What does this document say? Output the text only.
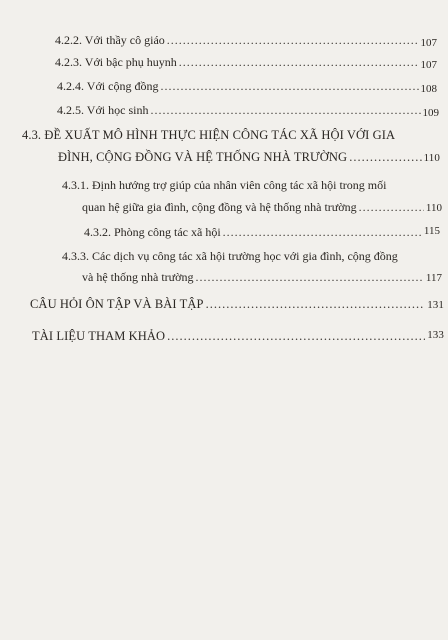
4.2.2. Với thầy cô giáo .....	107
4.2.3. Với bậc phụ huynh .....	107
4.2.4. Với cộng đồng .....	108
4.2.5. Với học sinh .....	109
4.3. ĐỀ XUẤT MÔ HÌNH THỰC HIỆN CÔNG TÁC XÃ HỘI VỚI GIA
ĐÌNH, CỘNG ĐỒNG VÀ HỆ THỐNG NHÀ TRƯỜNG .....	110
4.3.1. Định hướng trợ giúp của nhân viên công tác xã hội trong mối
quan hệ giữa gia đình, cộng đồng và hệ thống nhà trường .....	110
4.3.2. Phòng công tác xã hội .....	115
4.3.3. Các dịch vụ công tác xã hội trường học với gia đình, cộng đồng
và hệ thống nhà trường .....	117
CÂU HỎI ÔN TẬP VÀ BÀI TẬP .....	131
TÀI LIỆU THAM KHẢO .....	133
